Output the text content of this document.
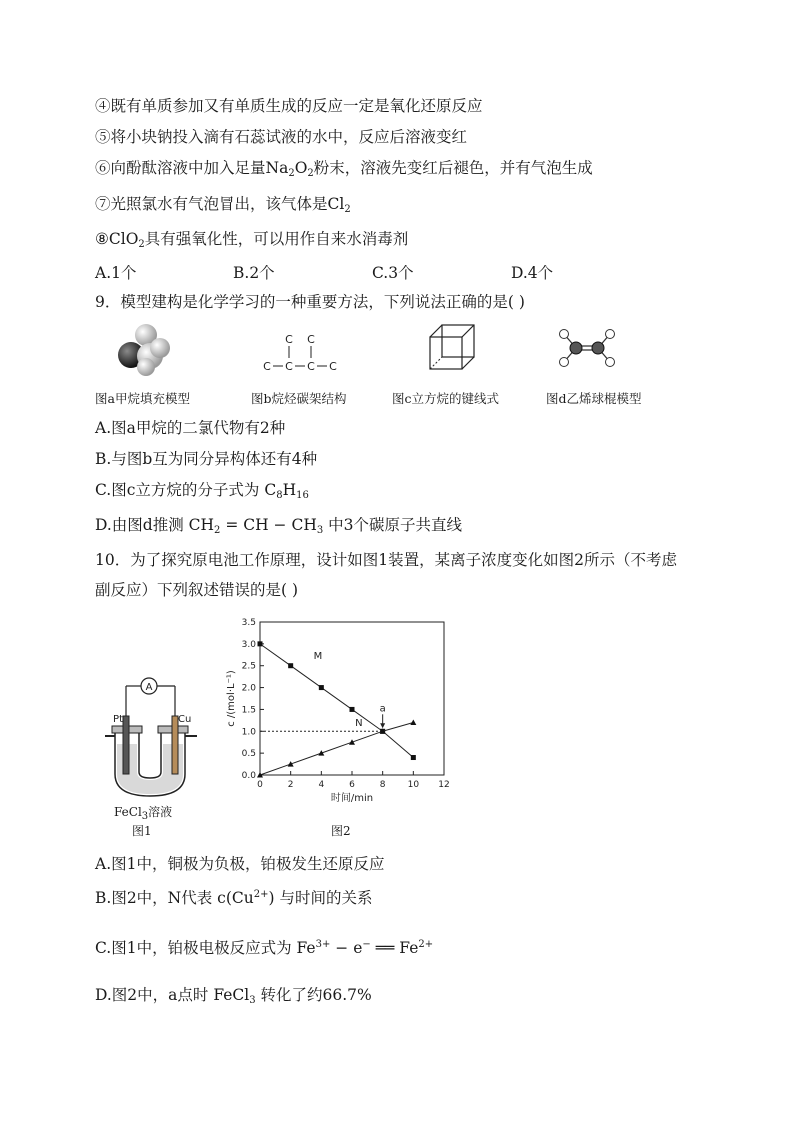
④既有单质参加又有单质生成的反应一定是氧化还原反应
⑤将小块钠投入滴有石蕊试液的水中，反应后溶液变红
⑥向酚酞溶液中加入足量$Na_2O_2$粉末，溶液先变红后褪色，并有气泡生成
⑦光照氯水有气泡冒出，该气体是$Cl_2$
⑧ClO$_2$具有强氧化性，可以用作自来水消毒剂
A.1个	B.2个	C.3个	D.4个
9．模型建构是化学学习的一种重要方法，下列说法正确的是( )
C C
C C C C
图a甲烷填充模型	图b烷烃碳架结构	图c立方烷的键线式	图d乙烯球棍模型
A.图a甲烷的二氯代物有2种
B.与图b互为同分异构体还有4种
C.图c立方烷的分子式为 $C_8H_{16}$
D.由图d推测 $CH_2$ = CH − $CH_3$ 中3个碳原子共直线
10．为了探究原电池工作原理，设计如图1装置，某离子浓度变化如图2所示（不考虑
副反应）下列叙述错误的是( )
A
Pt	Cu
FeCl$_3$溶液
图1
0	2	4	6	8 10 12
0.0
0.5
1.0
1.5
2.0
2.5
3.0
3.5
时间/min
c /(mol·L⁻¹)
M
N
a
图2
A.图1中，铜极为负极，铂极发生还原反应
B.图2中，N代表 $c(Cu^{2+})$ 与时间的关系
C.图1中，铂极电极反应式为 $Fe^{3+} - e^-$ ══ $Fe^{2+}$
D.图2中，a点时 FeCl$_3$ 转化了约66.7%
